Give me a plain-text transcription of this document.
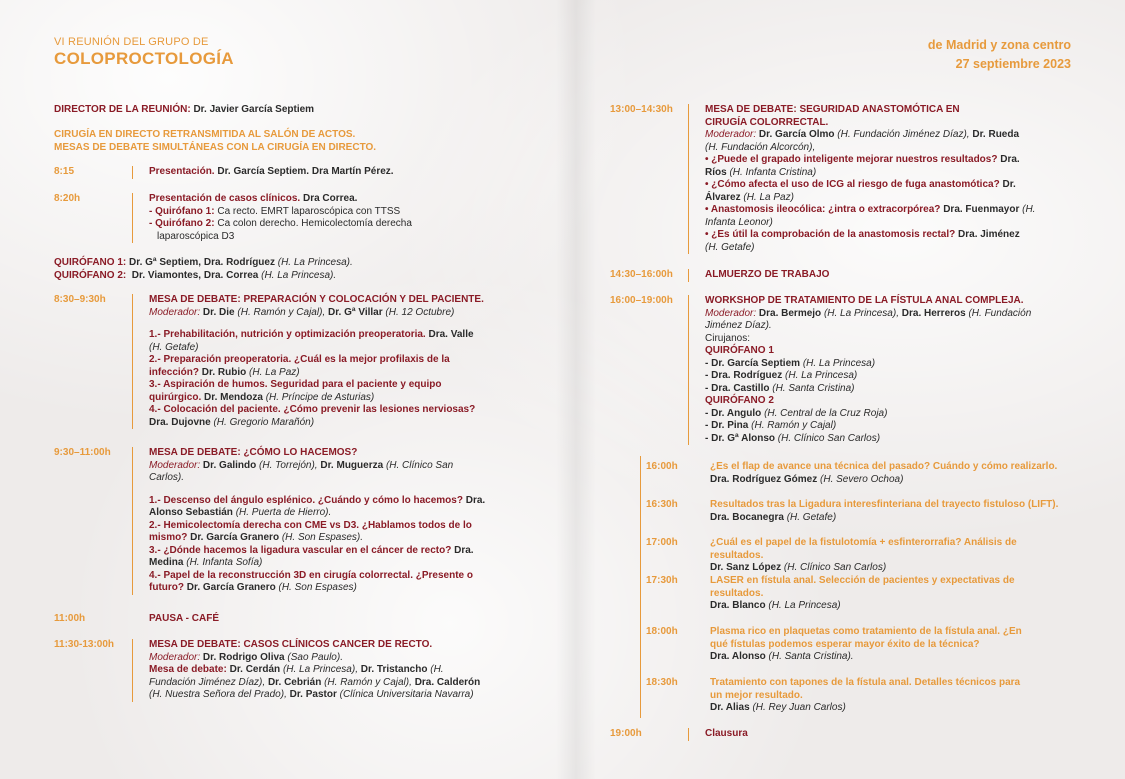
VI REUNIÓN DEL GRUPO DE
COLOPROCTOLOGÍA
de Madrid y zona centro
27 septiembre 2023
DIRECTOR DE LA REUNIÓN: Dr. Javier García Septiem
CIRUGÍA EN DIRECTO RETRANSMITIDA AL SALÓN DE ACTOS.
MESAS DE DEBATE SIMULTÁNEAS CON LA CIRUGÍA EN DIRECTO.
8:15	Presentación. Dr. García Septiem. Dra Martín Pérez.

8:20h	Presentación de casos clínicos. Dra Correa.

- Quirófano 1: Ca recto. EMRT laparoscópica con TTSS

- Quirófano 2: Ca colon derecho. Hemicolectomía derecha

laparoscópica D3

QUIRÓFANO 1: Dr. Gª Septiem, Dra. Rodríguez (H. La Princesa).
QUIRÓFANO 2: Dr. Viamontes, Dra. Correa (H. La Princesa).
8:30–9:30h	MESA DE DEBATE: PREPARACIÓN Y COLOCACIÓN Y DEL PACIENTE.

Moderador: Dr. Die (H. Ramón y Cajal), Dr. Gª Villar (H. 12 Octubre)

1.- Prehabilitación, nutrición y optimización preoperatoria. Dra. Valle

(H. Getafe)

2.- Preparación preoperatoria. ¿Cuál es la mejor profilaxis de la

infección? Dr. Rubio (H. La Paz)

3.- Aspiración de humos. Seguridad para el paciente y equipo

quirúrgico. Dr. Mendoza (H. Príncipe de Asturias)

4.- Colocación del paciente. ¿Cómo prevenir las lesiones nerviosas?

Dra. Dujovne (H. Gregorio Marañón)

9:30–11:00h	MESA DE DEBATE: ¿CÓMO LO HACEMOS?

Moderador: Dr. Galindo (H. Torrejón), Dr. Muguerza (H. Clínico San

Carlos).

1.- Descenso del ángulo esplénico. ¿Cuándo y cómo lo hacemos? Dra.

Alonso Sebastián (H. Puerta de Hierro).

2.- Hemicolectomía derecha con CME vs D3. ¿Hablamos todos de lo

mismo? Dr. García Granero (H. Son Espases).

3.- ¿Dónde hacemos la ligadura vascular en el cáncer de recto? Dra.

Medina (H. Infanta Sofía)

4.- Papel de la reconstrucción 3D en cirugía colorrectal. ¿Presente o

futuro? Dr. García Granero (H. Son Espases)

11:00h	PAUSA - CAFÉ
11:30-13:00h	MESA DE DEBATE: CASOS CLÍNICOS CANCER DE RECTO.

Moderador: Dr. Rodrigo Oliva (Sao Paulo).

Mesa de debate: Dr. Cerdán (H. La Princesa), Dr. Tristancho (H.

Fundación Jiménez Díaz), Dr. Cebrián (H. Ramón y Cajal), Dra. Calderón

(H. Nuestra Señora del Prado), Dr. Pastor (Clínica Universitaria Navarra)

13:00–14:30h	MESA DE DEBATE: SEGURIDAD ANASTOMÓTICA EN

CIRUGÍA COLORRECTAL.

Moderador: Dr. García Olmo (H. Fundación Jiménez Díaz), Dr. Rueda

(H. Fundación Alcorcón),

• ¿Puede el grapado inteligente mejorar nuestros resultados? Dra.

Ríos (H. Infanta Cristina)

• ¿Cómo afecta el uso de ICG al riesgo de fuga anastomótica? Dr.

Álvarez (H. La Paz)

• Anastomosis ileocólica: ¿intra o extracorpórea? Dra. Fuenmayor (H.

Infanta Leonor)

• ¿Es útil la comprobación de la anastomosis rectal? Dra. Jiménez

(H. Getafe)

14:30–16:00h	ALMUERZO DE TRABAJO

16:00–19:00h	WORKSHOP DE TRATAMIENTO DE LA FÍSTULA ANAL COMPLEJA.

Moderador: Dra. Bermejo (H. La Princesa), Dra. Herreros (H. Fundación

Jiménez Díaz).

Cirujanos:

QUIRÓFANO 1

- Dr. García Septiem (H. La Princesa)

- Dra. Rodríguez (H. La Princesa)

- Dra. Castillo (H. Santa Cristina)

QUIRÓFANO 2

- Dr. Angulo (H. Central de la Cruz Roja)

- Dr. Pina (H. Ramón y Cajal)

- Dr. Gª Alonso (H. Clínico San Carlos)

16:00h	¿Es el flap de avance una técnica del pasado? Cuándo y cómo realizarlo.

Dra. Rodríguez Gómez (H. Severo Ochoa)

16:30h	Resultados tras la Ligadura interesfinteriana del trayecto fistuloso (LIFT).

Dra. Bocanegra (H. Getafe)

17:00h	¿Cuál es el papel de la fistulotomía + esfinterorrafia? Análisis de resultados.

Dr. Sanz López (H. Clínico San Carlos)

17:30h	LASER en fístula anal. Selección de pacientes y expectativas de

resultados.

Dra. Blanco (H. La Princesa)

18:00h	Plasma rico en plaquetas como tratamiento de la fístula anal. ¿En

qué fístulas podemos esperar mayor éxito de la técnica?

Dra. Alonso (H. Santa Cristina).

18:30h	Tratamiento con tapones de la fístula anal. Detalles técnicos para

un mejor resultado.

Dr. Alias (H. Rey Juan Carlos)

19:00h	Clausura
